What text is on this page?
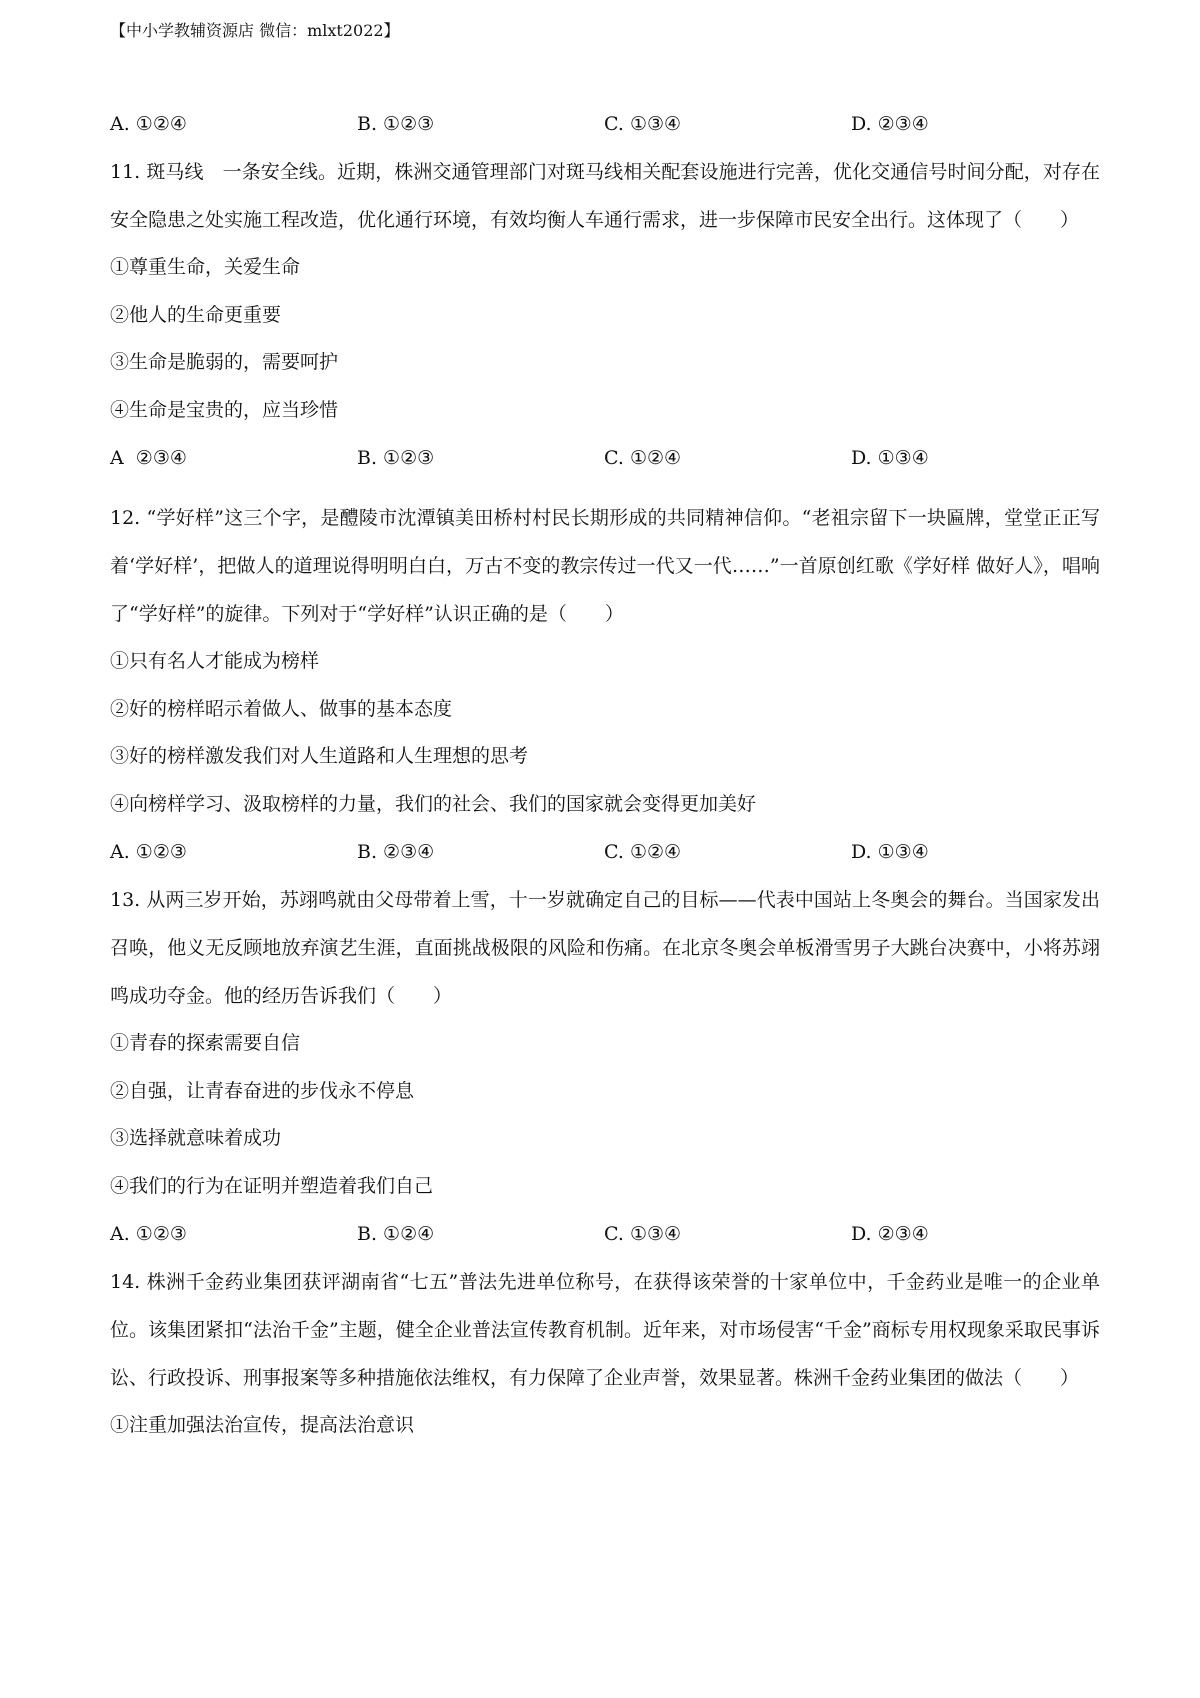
【中小学教辅资源店 微信：mlxt2022】
A. ①②④	B. ①②③	C. ①③④	D. ②③④

11. 斑马线　一条安全线。近期，株洲交通管理部门对斑马线相关配套设施进行完善，优化交通信号时间分配，对存在安全隐患之处实施工程改造，优化通行环境，有效均衡人车通行需求，进一步保障市民安全出行。这体现了（　　）

①尊重生命，关爱生命

②他人的生命更重要

③生命是脆弱的，需要呵护

④生命是宝贵的，应当珍惜

A  ②③④	B. ①②③	C. ①②④	D. ①③④

12. “学好样”这三个字，是醴陵市沈潭镇美田桥村村民长期形成的共同精神信仰。“老祖宗留下一块匾牌，堂堂正正写着‘学好样’，把做人的道理说得明明白白，万古不变的教宗传过一代又一代……”一首原创红歌《学好样 做好人》，唱响了“学好样”的旋律。下列对于“学好样”认识正确的是（　　）

①只有名人才能成为榜样

②好的榜样昭示着做人、做事的基本态度

③好的榜样激发我们对人生道路和人生理想的思考

④向榜样学习、汲取榜样的力量，我们的社会、我们的国家就会变得更加美好

A. ①②③	B. ②③④	C. ①②④	D. ①③④

13. 从两三岁开始，苏翊鸣就由父母带着上雪，十一岁就确定自己的目标——代表中国站上冬奥会的舞台。当国家发出召唤，他义无反顾地放弃演艺生涯，直面挑战极限的风险和伤痛。在北京冬奥会单板滑雪男子大跳台决赛中，小将苏翊鸣成功夺金。他的经历告诉我们（　　）

①青春的探索需要自信

②自强，让青春奋进的步伐永不停息

③选择就意味着成功

④我们的行为在证明并塑造着我们自己

A. ①②③	B. ①②④	C. ①③④	D. ②③④

14. 株洲千金药业集团获评湖南省“七五”普法先进单位称号，在获得该荣誉的十家单位中，千金药业是唯一的企业单位。该集团紧扣“法治千金”主题，健全企业普法宣传教育机制。近年来，对市场侵害“千金”商标专用权现象采取民事诉讼、行政投诉、刑事报案等多种措施依法维权，有力保障了企业声誉，效果显著。株洲千金药业集团的做法（　　）

①注重加强法治宣传，提高法治意识
